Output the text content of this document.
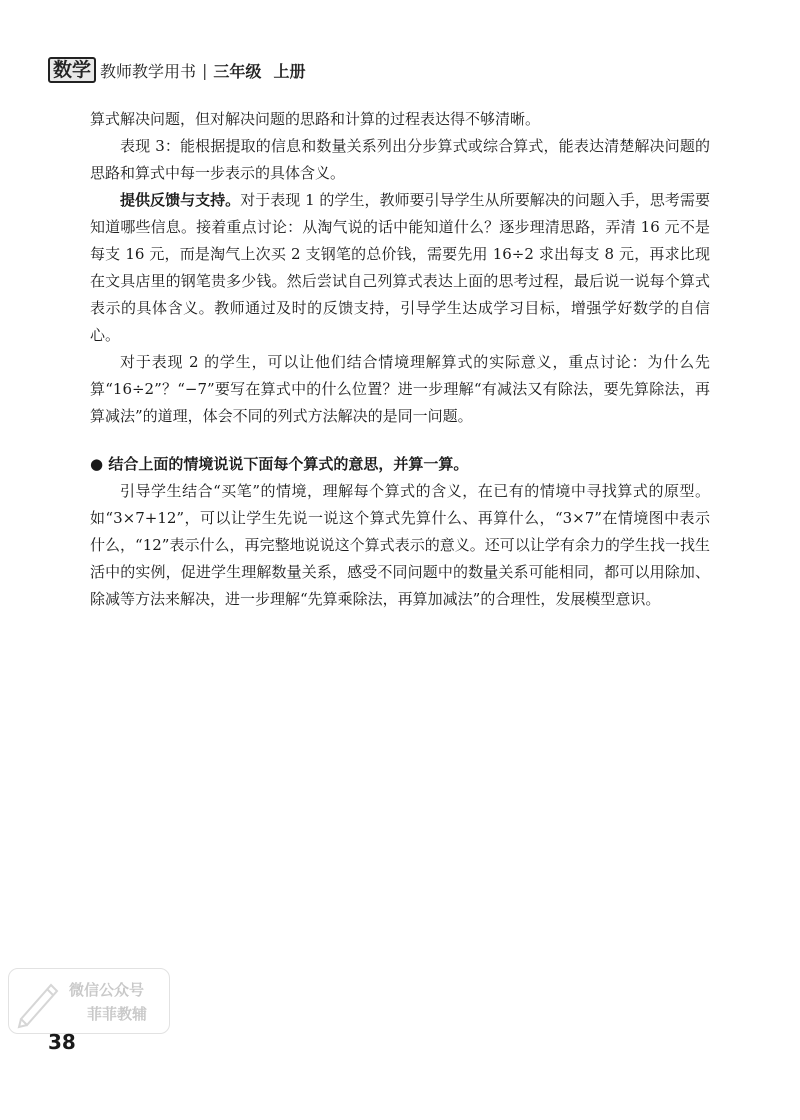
数学 教师教学用书 | 三年级 上册

算式解决问题，但对解决问题的思路和计算的过程表达得不够清晰。

表现 3：能根据提取的信息和数量关系列出分步算式或综合算式，能表达清楚解决问题的思路和算式中每一步表示的具体含义。

提供反馈与支持。对于表现 1 的学生，教师要引导学生从所要解决的问题入手，思考需要知道哪些信息。接着重点讨论：从淘气说的话中能知道什么？逐步理清思路，弄清 16 元不是每支 16 元，而是淘气上次买 2 支钢笔的总价钱，需要先用 16÷2 求出每支 8 元，再求比现在文具店里的钢笔贵多少钱。然后尝试自己列算式表达上面的思考过程，最后说一说每个算式表示的具体含义。教师通过及时的反馈支持，引导学生达成学习目标，增强学好数学的自信心。

对于表现 2 的学生，可以让他们结合情境理解算式的实际意义，重点讨论：为什么先算“16÷2”？“−7”要写在算式中的什么位置？进一步理解“有减法又有除法，要先算除法，再算减法”的道理，体会不同的列式方法解决的是同一问题。

● 结合上面的情境说说下面每个算式的意思，并算一算。

引导学生结合“买笔”的情境，理解每个算式的含义，在已有的情境中寻找算式的原型。如“3×7+12”，可以让学生先说一说这个算式先算什么、再算什么，“3×7”在情境图中表示什么，“12”表示什么，再完整地说说这个算式表示的意义。还可以让学有余力的学生找一找生活中的实例，促进学生理解数量关系，感受不同问题中的数量关系可能相同，都可以用除加、除减等方法来解决，进一步理解“先算乘除法，再算加减法”的合理性，发展模型意识。

微信公众号
菲菲教辅
38
